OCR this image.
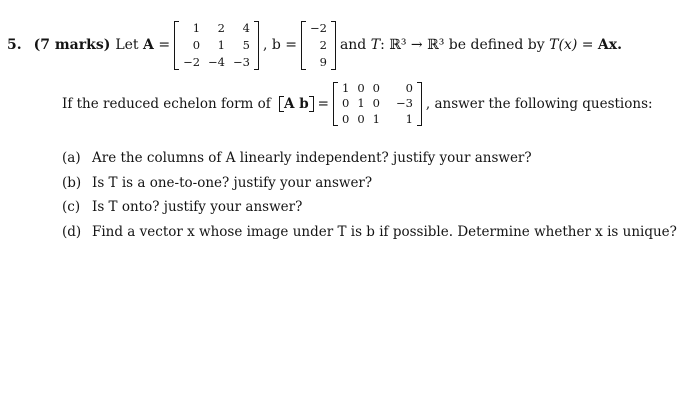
5. (7 marks) Let
A
=
1	2	4
0	1	5
−2	−4	−3
, b =
−2
2
9
and
T : ℝ³ → ℝ³ be defined by
T(x) =
Ax.
If the reduced echelon form of
A b =
1	0	0	0
0	1	0	−3
0	0	1	1
, answer the following questions:
(a) Are the columns of A linearly independent? justify your answer?
(b) Is T is a one-to-one? justify your answer?
(c) Is T onto? justify your answer?
(d) Find a vector x whose image under T is b if possible. Determine whether x is unique?
